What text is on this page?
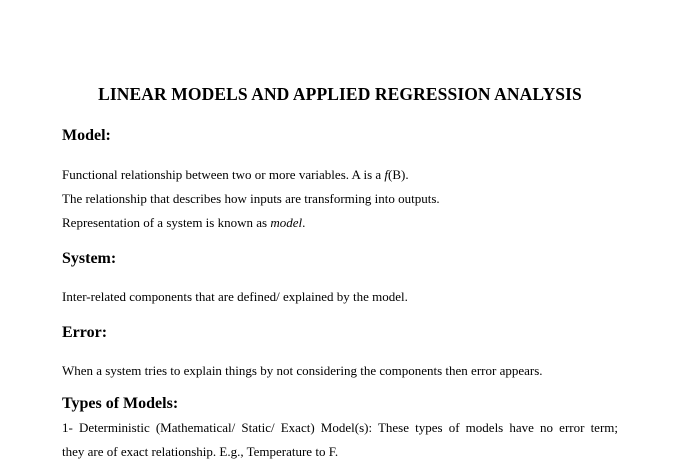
LINEAR MODELS AND APPLIED REGRESSION ANALYSIS
Model:
Functional relationship between two or more variables. A is a f(B).
The relationship that describes how inputs are transforming into outputs.
Representation of a system is known as model.
System:
Inter-related components that are defined/ explained by the model.
Error:
When a system tries to explain things by not considering the components then error appears.
Types of Models:
1- Deterministic (Mathematical/ Static/ Exact) Model(s): These types of models have no error term;
they are of exact relationship. E.g., Temperature to F.
